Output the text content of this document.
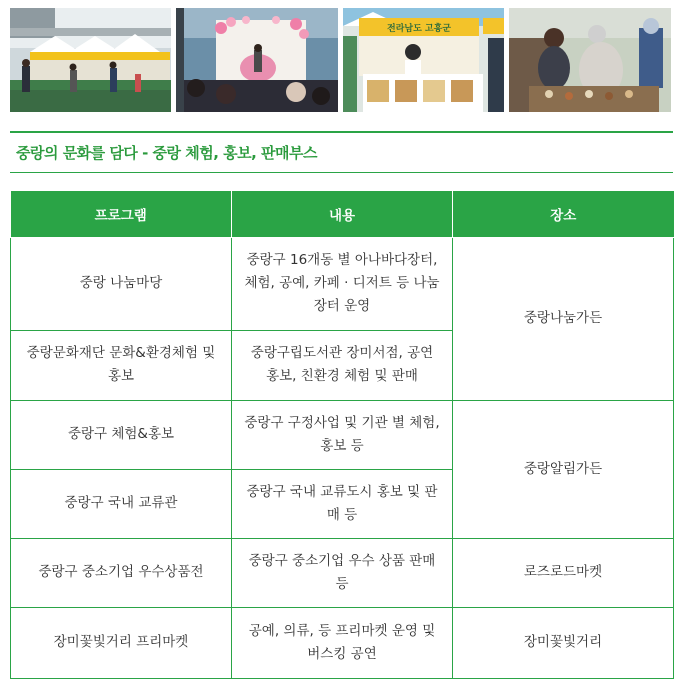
전라남도 고흥군
중랑의 문화를 담다 - 중랑 체험, 홍보, 판매부스
프로그램	내용	장소
중랑 나눔마당	중랑구 16개동 별 아나바다장터, 체험, 공예, 카페 · 디저트 등 나눔장터 운영	중랑나눔가든
중랑문화재단 문화&환경체험 및 홍보	중랑구립도서관 장미서점, 공연 홍보, 친환경 체험 및 판매	
중랑구 체험&홍보	중랑구 구정사업 및 기관 별 체험, 홍보 등	중랑알림가든
중랑구 국내 교류관	중랑구 국내 교류도시 홍보 및 판매 등	
중랑구 중소기업 우수상품전	중랑구 중소기업 우수 상품 판매 등	로즈로드마켓
장미꽃빛거리 프리마켓	공예, 의류, 등 프리마켓 운영 및 버스킹 공연	장미꽃빛거리
